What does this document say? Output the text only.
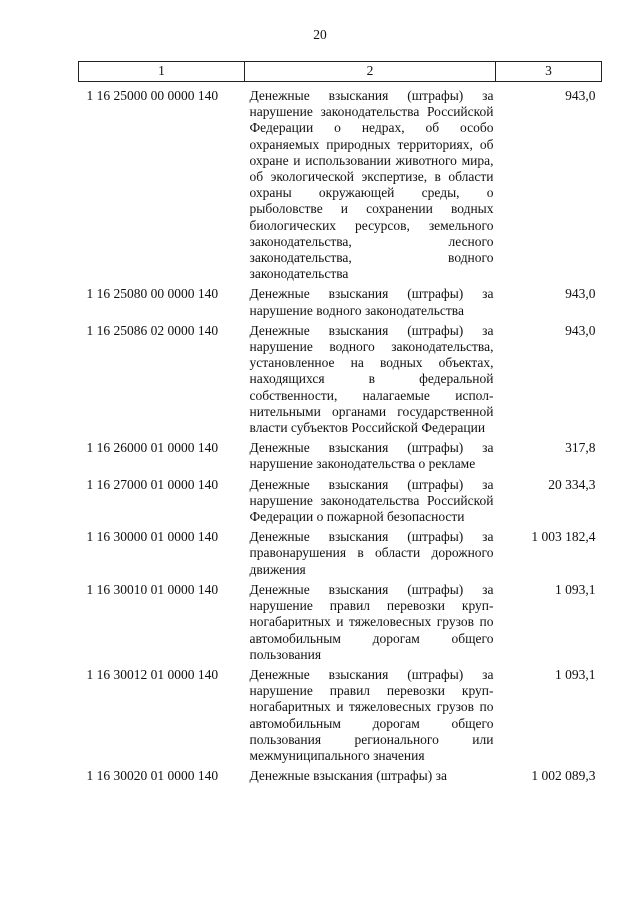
20
1	2	3
1 16 25000 00 0000 140	Денежные взыскания (штрафы) за нарушение законодательства Российской Федерации о недрах, об особо охраняемых природных территориях, об охране и использовании животного мира, об экологической экспертизе, в области охраны окружающей среды, о рыболовстве и сохранении водных биологических ресурсов, земельного законодательства, лесного законодательства, водного законодательства	943,0
1 16 25080 00 0000 140	Денежные взыскания (штрафы) за нарушение водного законодательства	943,0
1 16 25086 02 0000 140	Денежные взыскания (штрафы) за нарушение водного законодательства, установленное на водных объектах, находящихся в федеральной собственности, налагаемые исполнительными органами государственной власти субъектов Российской Федерации	943,0
1 16 26000 01 0000 140	Денежные взыскания (штрафы) за нарушение законодательства о рекламе	317,8
1 16 27000 01 0000 140	Денежные взыскания (штрафы) за нарушение законодательства Российской Федерации о пожарной безопасности	20 334,3
1 16 30000 01 0000 140	Денежные взыскания (штрафы) за правонарушения в области дорожного движения	1 003 182,4
1 16 30010 01 0000 140	Денежные взыскания (штрафы) за нарушение правил перевозки крупногабаритных и тяжеловесных грузов по автомобильным дорогам общего пользования	1 093,1
1 16 30012 01 0000 140	Денежные взыскания (штрафы) за нарушение правил перевозки крупногабаритных и тяжеловесных грузов по автомобильным дорогам общего пользования регионального или межмуниципального значения	1 093,1
1 16 30020 01 0000 140	Денежные взыскания (штрафы) за	1 002 089,3
